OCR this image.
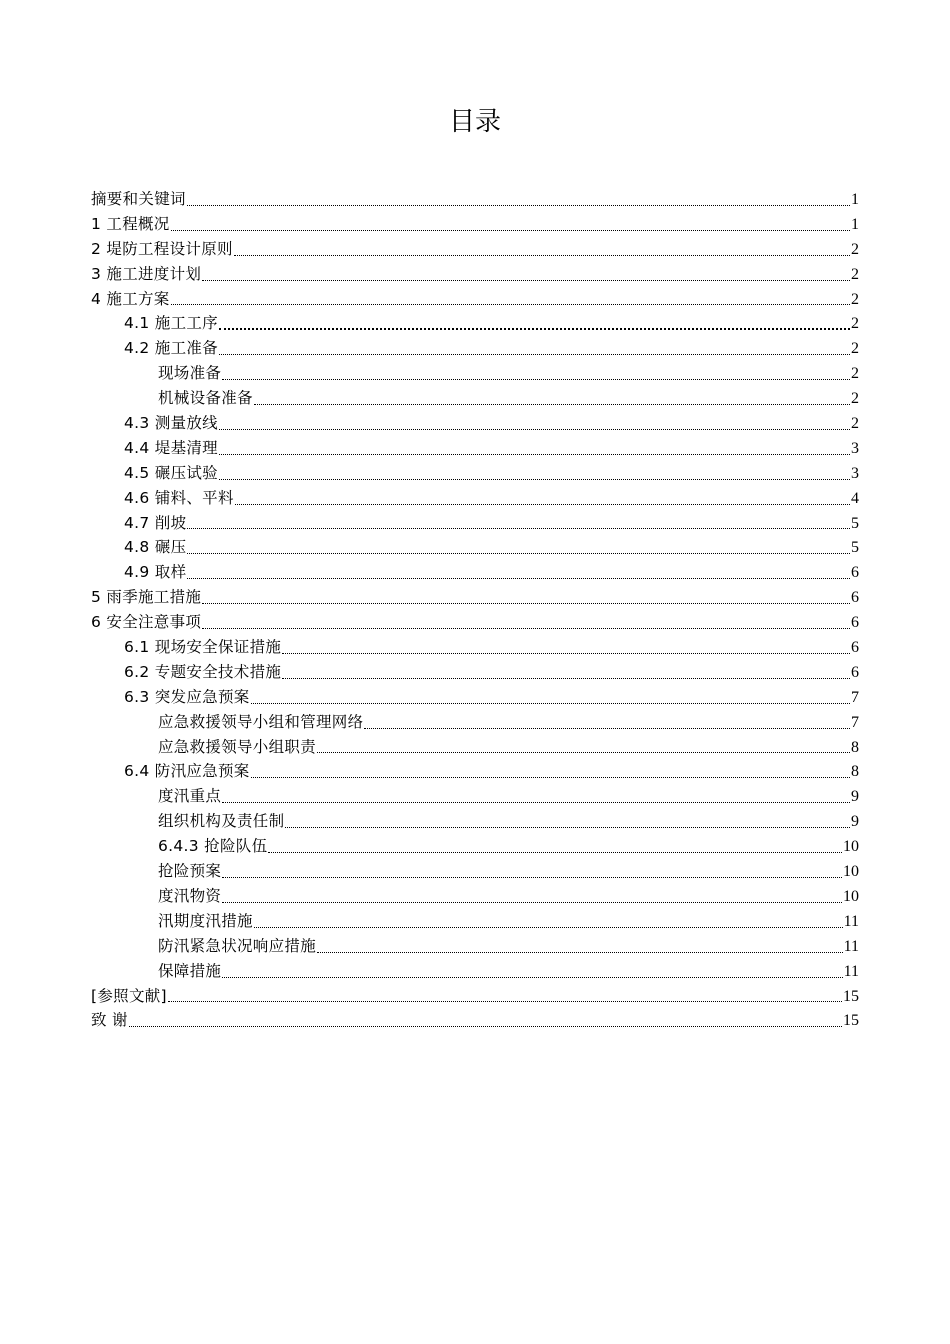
目录
摘要和关键词	1
1 工程概况	1
2 堤防工程设计原则	2
3 施工进度计划	2
4 施工方案	2
4.1 施工工序	2
4.2 施工准备	2
现场准备	2
机械设备准备	2
4.3 测量放线	2
4.4 堤基清理	3
4.5 碾压试验	3
4.6 铺料、平料	4
4.7 削坡	5
4.8 碾压	5
4.9 取样	6
5 雨季施工措施	6
6 安全注意事项	6
6.1 现场安全保证措施	6
6.2 专题安全技术措施	6
6.3 突发应急预案	7
应急救援领导小组和管理网络	7
应急救援领导小组职责	8
6.4 防汛应急预案	8
度汛重点	9
组织机构及责任制	9
6.4.3 抢险队伍	10
抢险预案	10
度汛物资	10
汛期度汛措施	11
防汛紧急状况响应措施	11
保障措施	11
[参照文献]	15
致 谢	15
